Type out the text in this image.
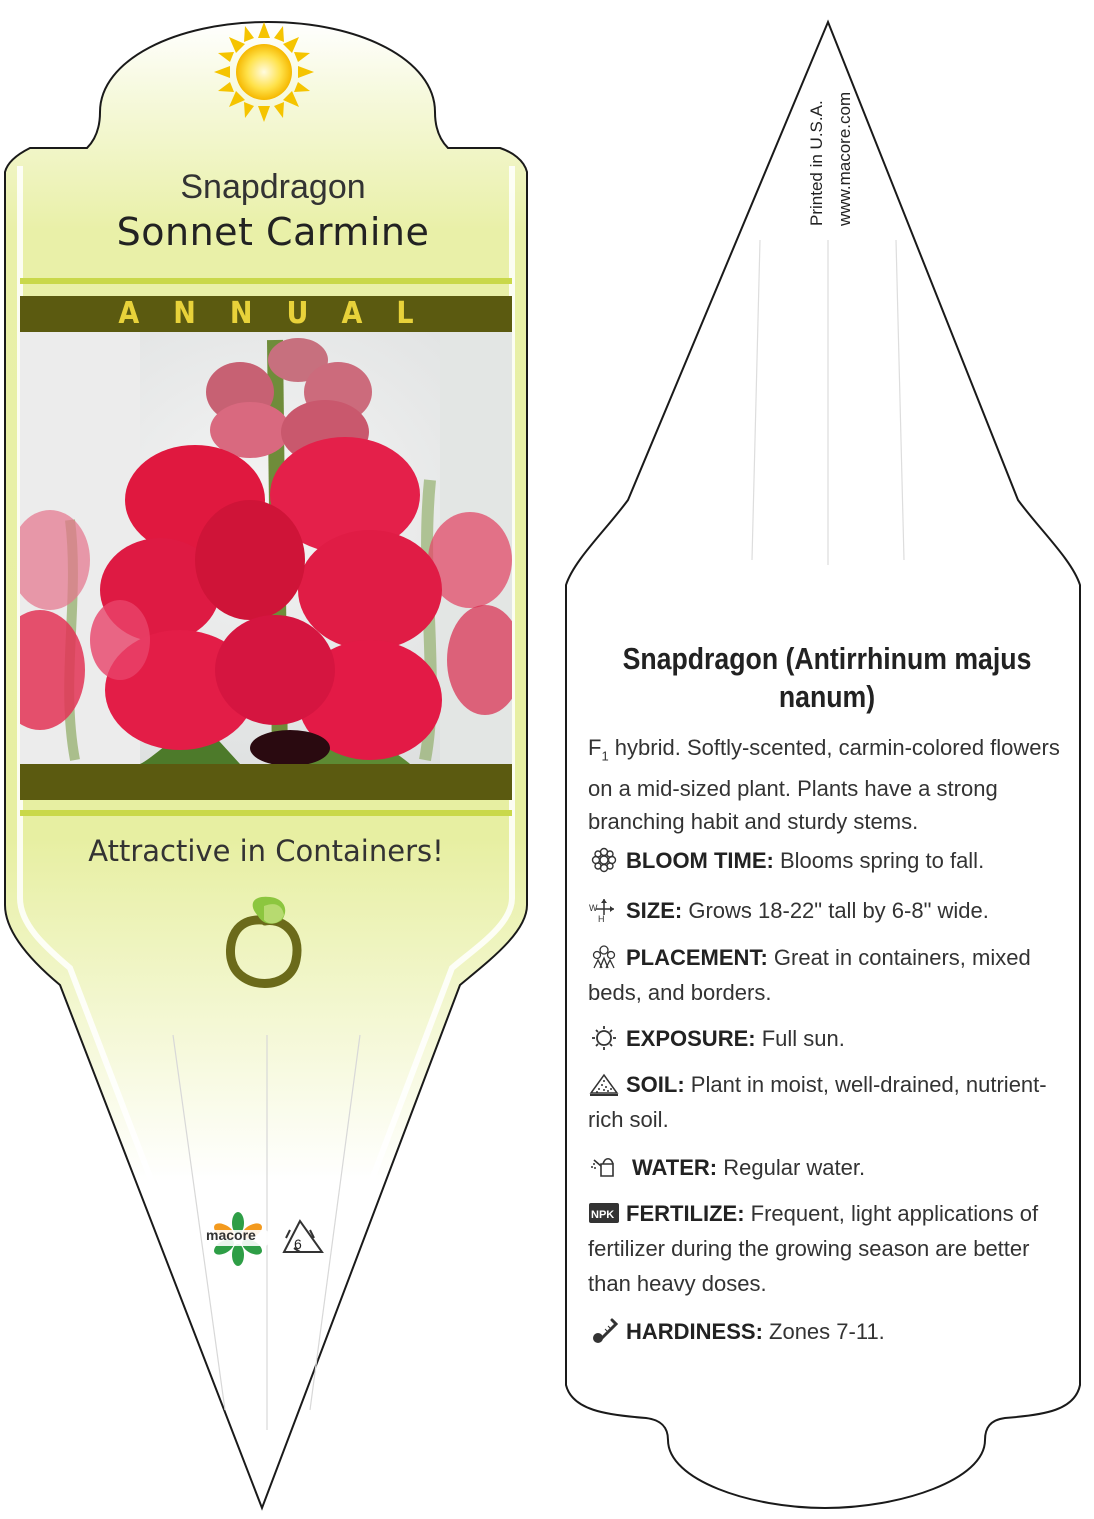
Snapdragon
Sonnet Carmine
ANNUAL
Attractive in Containers!
macore
6
Printed in U.S.A. www.macore.com
Snapdragon (Antirrhinum majus nanum)
$F_1$ hybrid. Softly-scented, carmin-colored flowers on a mid-sized plant. Plants have a strong branching habit and sturdy stems.
BLOOM TIME: Blooms spring to fall.
W
H SIZE: Grows 18-22" tall by 6-8" wide.
PLACEMENT: Great in containers, mixed beds, and borders.
EXPOSURE: Full sun.
SOIL: Plant in moist, well-drained, nutrient-rich soil.
WATER: Regular water.
NPK FERTILIZE: Frequent, light applications of fertilizer during the growing season are better than heavy doses.
HARDINESS: Zones 7-11.
